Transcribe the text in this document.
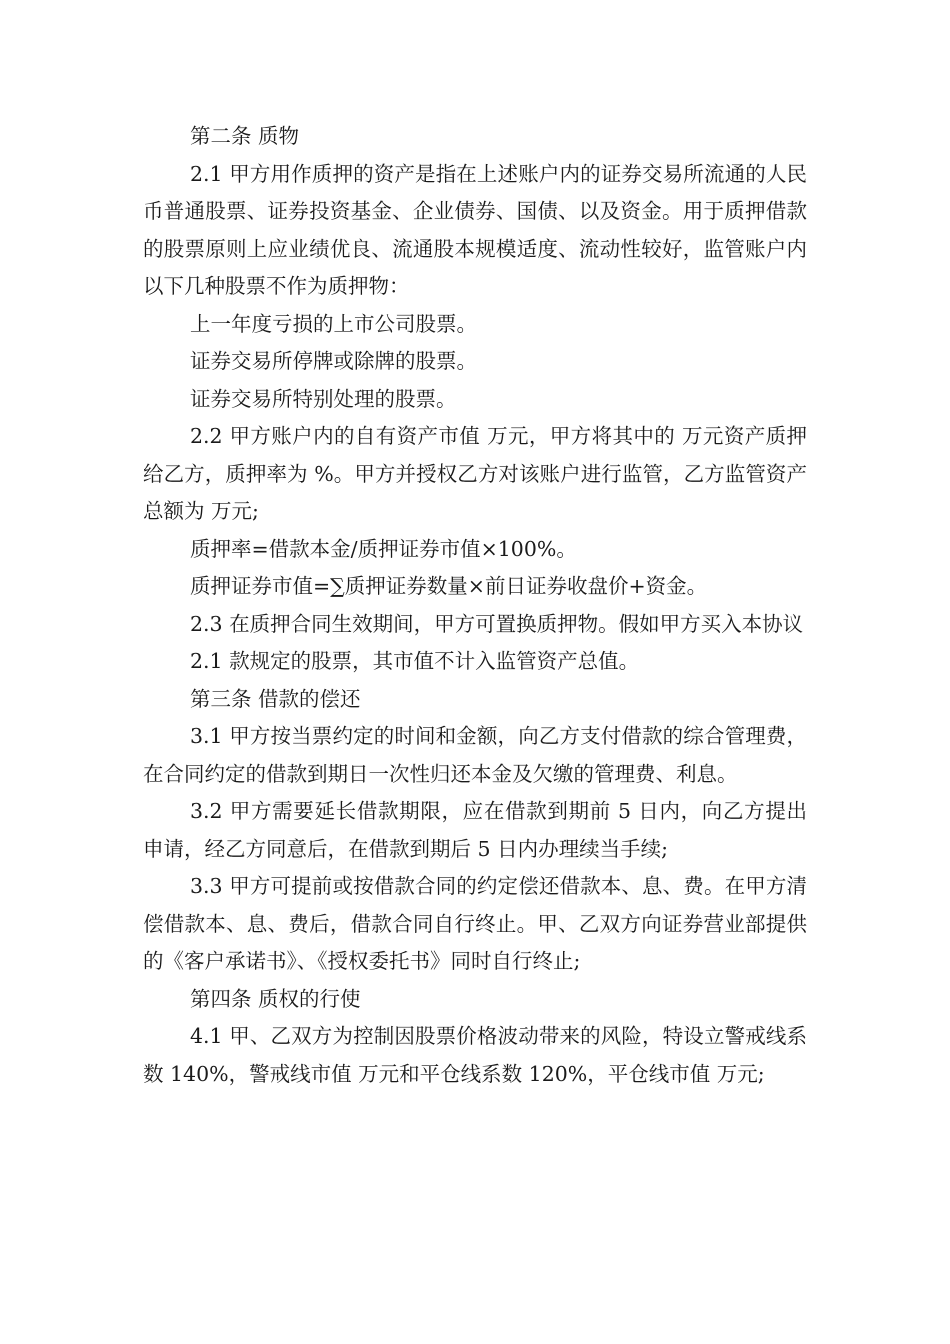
第二条 质物

2.1 甲方用作质押的资产是指在上述账户内的证券交易所流通的人民币普通股票、证券投资基金、企业债券、国债、以及资金。用于质押借款的股票原则上应业绩优良、流通股本规模适度、流动性较好，监管账户内以下几种股票不作为质押物：

上一年度亏损的上市公司股票。

证券交易所停牌或除牌的股票。

证券交易所特别处理的股票。

2.2 甲方账户内的自有资产市值 万元，甲方将其中的 万元资产质押给乙方，质押率为 %。甲方并授权乙方对该账户进行监管，乙方监管资产总额为 万元;

质押率=借款本金/质押证券市值×100%。

质押证券市值=∑质押证券数量×前日证券收盘价+资金。

2.3 在质押合同生效期间，甲方可置换质押物。假如甲方买入本协议

2.1 款规定的股票，其市值不计入监管资产总值。

第三条 借款的偿还

3.1 甲方按当票约定的时间和金额，向乙方支付借款的综合管理费，在合同约定的借款到期日一次性归还本金及欠缴的管理费、利息。

3.2 甲方需要延长借款期限，应在借款到期前 5 日内，向乙方提出申请，经乙方同意后，在借款到期后 5 日内办理续当手续;

3.3 甲方可提前或按借款合同的约定偿还借款本、息、费。在甲方清偿借款本、息、费后，借款合同自行终止。甲、乙双方向证券营业部提供的《客户承诺书》、《授权委托书》同时自行终止;

第四条 质权的行使

4.1 甲、乙双方为控制因股票价格波动带来的风险，特设立警戒线系数 140%，警戒线市值 万元和平仓线系数 120%，平仓线市值 万元;
